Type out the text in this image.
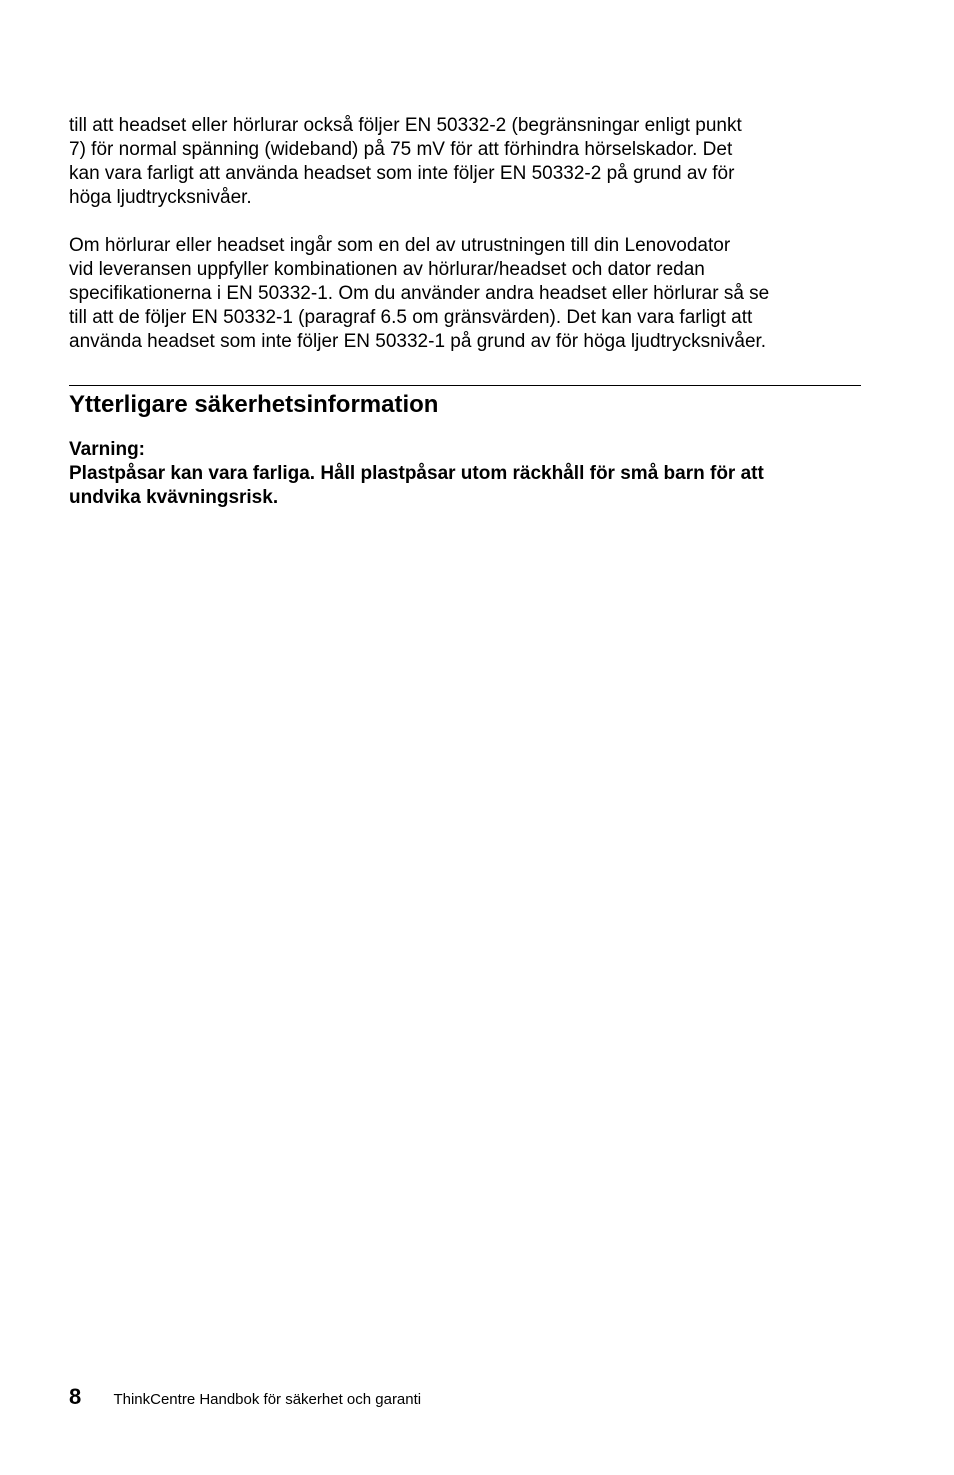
till att headset eller hörlurar också följer EN 50332-2 (begränsningar enligt punkt
7) för normal spänning (wideband) på 75 mV för att förhindra hörselskador. Det
kan vara farligt att använda headset som inte följer EN 50332-2 på grund av för
höga ljudtrycksnivåer.

Om hörlurar eller headset ingår som en del av utrustningen till din Lenovodator
vid leveransen uppfyller kombinationen av hörlurar/headset och dator redan
specifikationerna i EN 50332-1. Om du använder andra headset eller hörlurar så se
till att de följer EN 50332-1 (paragraf 6.5 om gränsvärden). Det kan vara farligt att
använda headset som inte följer EN 50332-1 på grund av för höga ljudtrycksnivåer.

Ytterligare säkerhetsinformation
Varning:
Plastpåsar kan vara farliga. Håll plastpåsar utom räckhåll för små barn för att
undvika kvävningsrisk.
8 ThinkCentre Handbok för säkerhet och garanti
